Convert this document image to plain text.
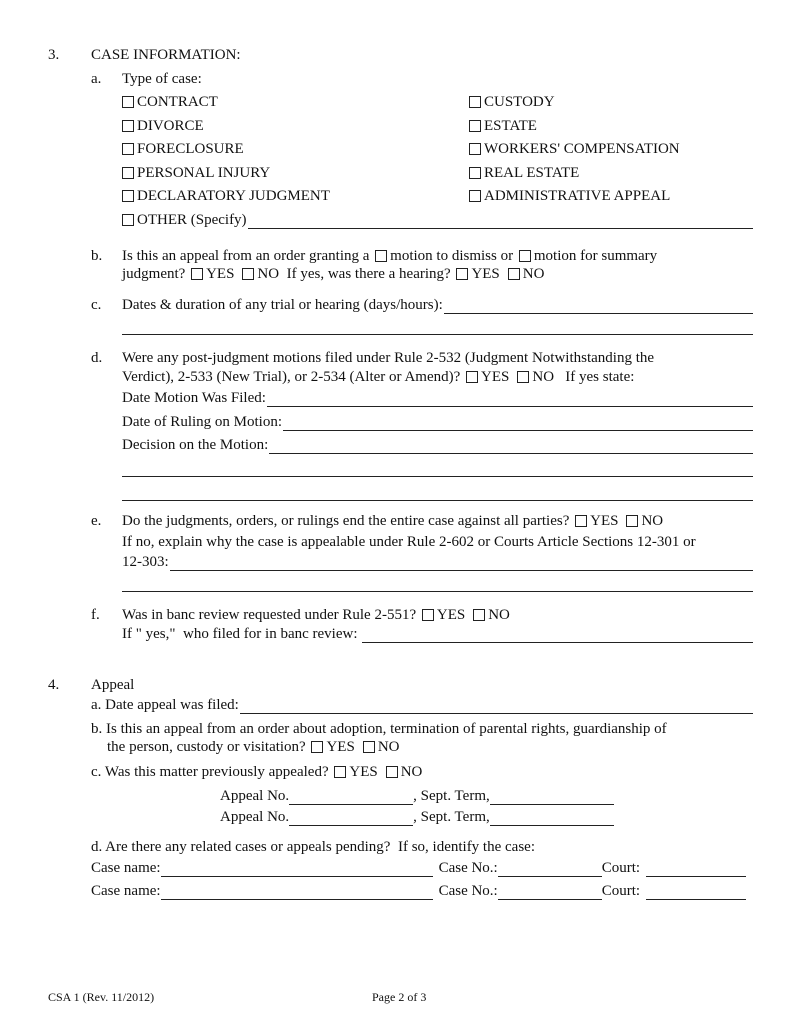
3. CASE INFORMATION:
a. Type of case:
CONTRACT
DIVORCE
FORECLOSURE
PERSONAL INJURY
DECLARATORY JUDGMENT
CUSTODY
ESTATE
WORKERS' COMPENSATION
REAL ESTATE
ADMINISTRATIVE APPEAL
OTHER (Specify)
b. Is this an appeal from an order granting a motion to dismiss or motion for summary
judgment? YES NO If yes, was there a hearing? YES NO
c. Dates & duration of any trial or hearing (days/hours):
d. Were any post-judgment motions filed under Rule 2-532 (Judgment Notwithstanding the
Verdict), 2-533 (New Trial), or 2-534 (Alter or Amend)? YES NO If yes state:
Date Motion Was Filed:
Date of Ruling on Motion:
Decision on the Motion:
e. Do the judgments, orders, or rulings end the entire case against all parties? YES NO
If no, explain why the case is appealable under Rule 2-602 or Courts Article Sections 12-301 or
12-303:
f. Was in banc review requested under Rule 2-551? YES NO
If " yes,"  who filed for in banc review:
4. Appeal
a. Date appeal was filed:
b. Is this an appeal from an order about adoption, termination of parental rights, guardianship of
the person, custody or visitation? YES NO
c. Was this matter previously appealed? YES NO
Appeal No.	, Sept. Term,
Appeal No.	, Sept. Term,
d. Are there any related cases or appeals pending?  If so, identify the case:
Case name:	Case No.:	Court:
Case name:	Case No.:	Court:
CSA 1 (Rev. 11/2012)	Page 2 of 3
